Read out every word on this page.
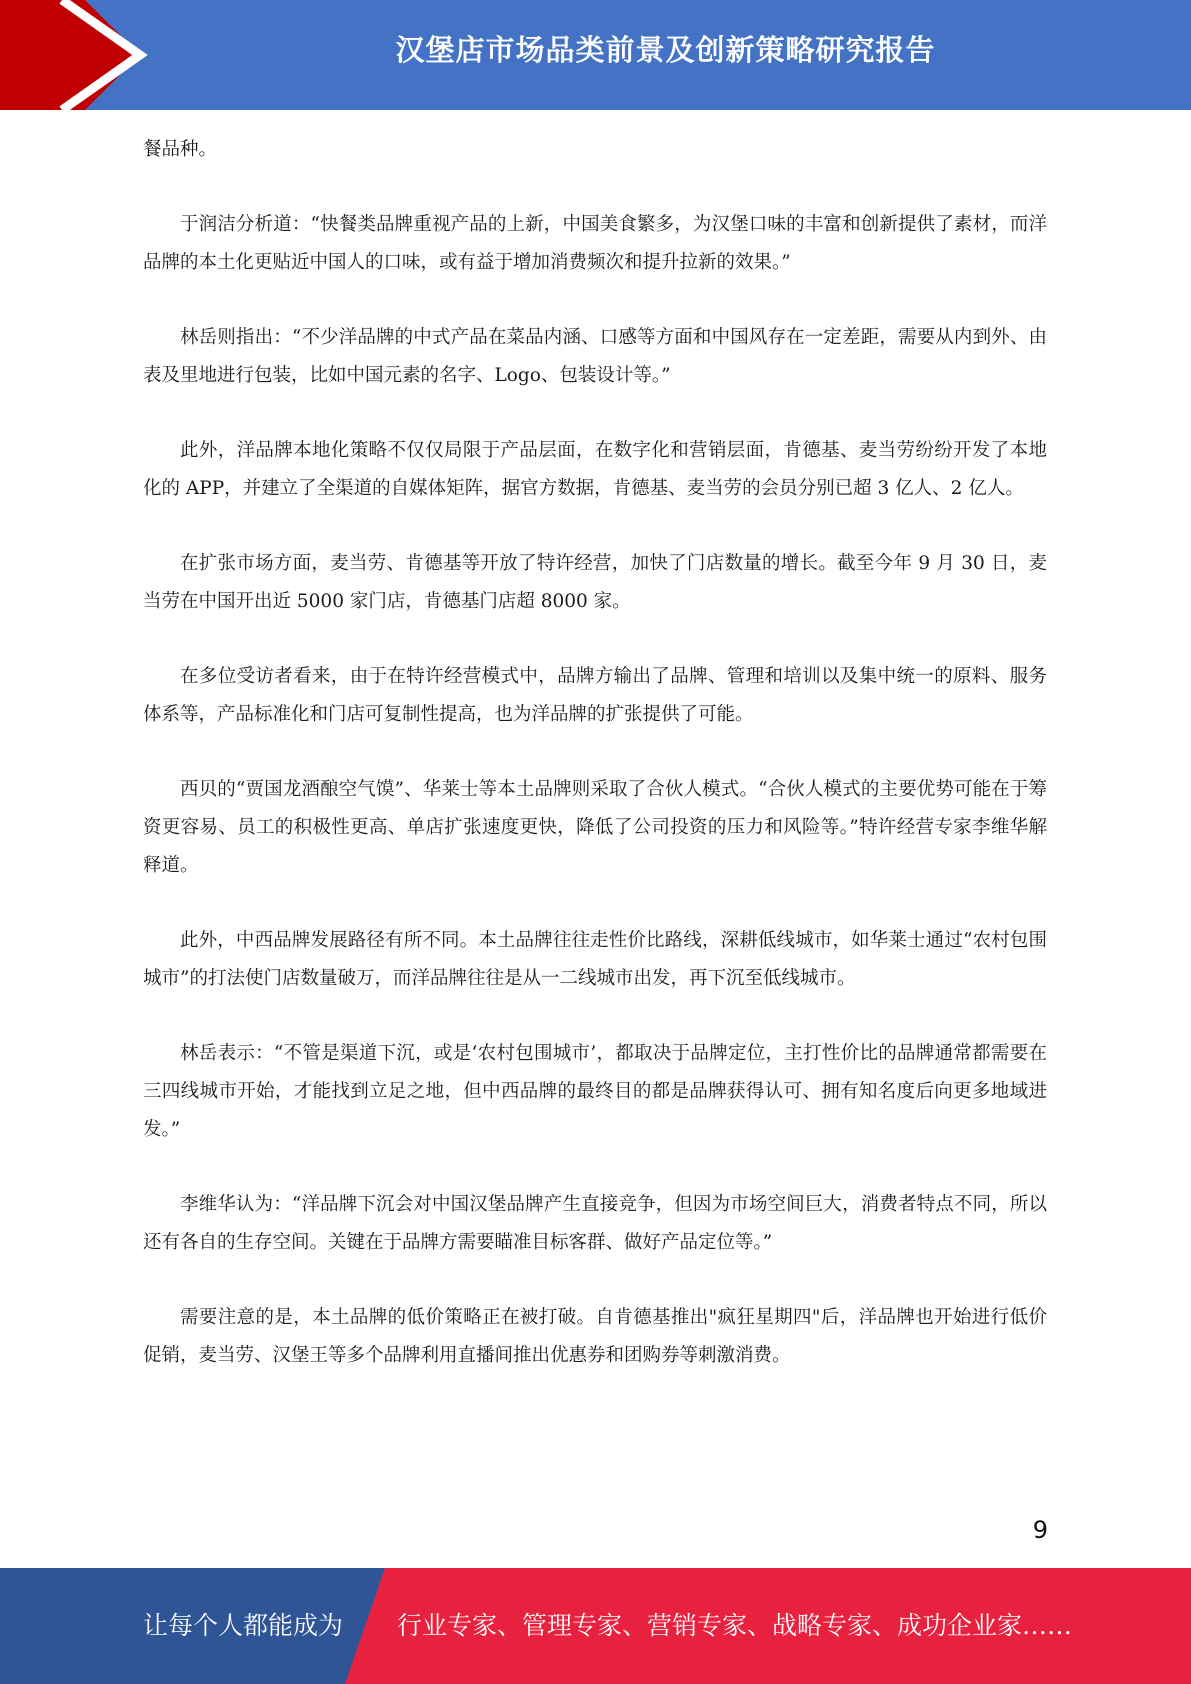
汉堡店市场品类前景及创新策略研究报告

餐品种。

于润洁分析道：“快餐类品牌重视产品的上新，中国美食繁多，为汉堡口味的丰富和创新提供了素材，而洋品牌的本土化更贴近中国人的口味，或有益于增加消费频次和提升拉新的效果。”

林岳则指出：“不少洋品牌的中式产品在菜品内涵、口感等方面和中国风存在一定差距，需要从内到外、由表及里地进行包装，比如中国元素的名字、Logo、包装设计等。”

此外，洋品牌本地化策略不仅仅局限于产品层面，在数字化和营销层面，肯德基、麦当劳纷纷开发了本地化的 APP，并建立了全渠道的自媒体矩阵，据官方数据，肯德基、麦当劳的会员分别已超 3 亿人、2 亿人。

在扩张市场方面，麦当劳、肯德基等开放了特许经营，加快了门店数量的增长。截至今年 9 月 30 日，麦当劳在中国开出近 5000 家门店，肯德基门店超 8000 家。

在多位受访者看来，由于在特许经营模式中，品牌方输出了品牌、管理和培训以及集中统一的原料、服务体系等，产品标准化和门店可复制性提高，也为洋品牌的扩张提供了可能。

西贝的“贾国龙酒酿空气馍”、华莱士等本土品牌则采取了合伙人模式。“合伙人模式的主要优势可能在于筹资更容易、员工的积极性更高、单店扩张速度更快，降低了公司投资的压力和风险等。”特许经营专家李维华解释道。

此外，中西品牌发展路径有所不同。本土品牌往往走性价比路线，深耕低线城市，如华莱士通过“农村包围城市”的打法使门店数量破万，而洋品牌往往是从一二线城市出发，再下沉至低线城市。

林岳表示：“不管是渠道下沉，或是‘农村包围城市’，都取决于品牌定位，主打性价比的品牌通常都需要在三四线城市开始，才能找到立足之地，但中西品牌的最终目的都是品牌获得认可、拥有知名度后向更多地域进发。”

李维华认为：“洋品牌下沉会对中国汉堡品牌产生直接竞争，但因为市场空间巨大，消费者特点不同，所以还有各自的生存空间。关键在于品牌方需要瞄准目标客群、做好产品定位等。”

需要注意的是，本土品牌的低价策略正在被打破。自肯德基推出"疯狂星期四"后，洋品牌也开始进行低价促销，麦当劳、汉堡王等多个品牌利用直播间推出优惠券和团购券等刺激消费。

9
让每个人都能成为 行业专家、管理专家、营销专家、战略专家、成功企业家……
